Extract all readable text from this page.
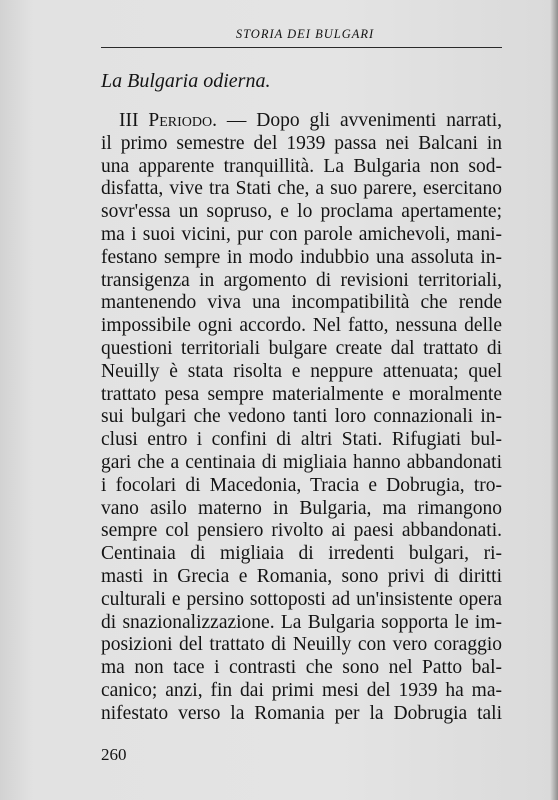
STORIA DEI BULGARI
La Bulgaria odierna.
III Periodo. — Dopo gli avvenimenti narrati,
il primo semestre del 1939 passa nei Balcani in
una apparente tranquillità. La Bulgaria non sod-
disfatta, vive tra Stati che, a suo parere, esercitano
sovr'essa un sopruso, e lo proclama apertamente;
ma i suoi vicini, pur con parole amichevoli, mani-
festano sempre in modo indubbio una assoluta in-
transigenza in argomento di revisioni territoriali,
mantenendo viva una incompatibilità che rende
impossibile ogni accordo. Nel fatto, nessuna delle
questioni territoriali bulgare create dal trattato di
Neuilly è stata risolta e neppure attenuata; quel
trattato pesa sempre materialmente e moralmente
sui bulgari che vedono tanti loro connazionali in-
clusi entro i confini di altri Stati. Rifugiati bul-
gari che a centinaia di migliaia hanno abbandonati
i focolari di Macedonia, Tracia e Dobrugia, tro-
vano asilo materno in Bulgaria, ma rimangono
sempre col pensiero rivolto ai paesi abbandonati.
Centinaia di migliaia di irredenti bulgari, ri-
masti in Grecia e Romania, sono privi di diritti
culturali e persino sottoposti ad un'insistente opera
di snazionalizzazione. La Bulgaria sopporta le im-
posizioni del trattato di Neuilly con vero coraggio
ma non tace i contrasti che sono nel Patto bal-
canico; anzi, fin dai primi mesi del 1939 ha ma-
nifestato verso la Romania per la Dobrugia tali
260
